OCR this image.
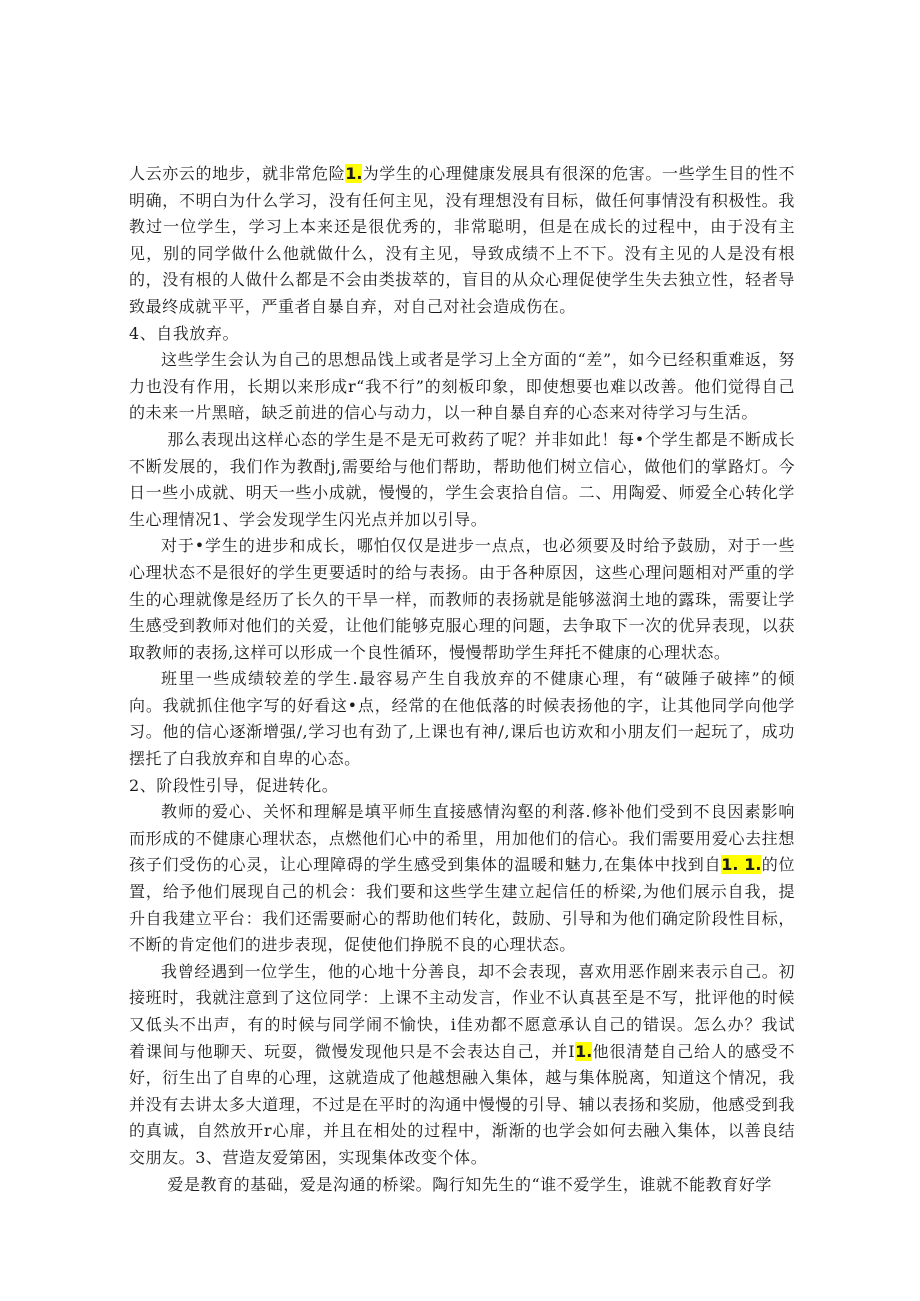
人云亦云的地步，就非常危险1.为学生的心理健康发展具有很深的危害。一些学生目的性不明确，不明白为什么学习，没有任何主见，没有理想没有目标，做任何事情没有积极性。我教过一位学生，学习上本来还是很优秀的，非常聪明，但是在成长的过程中，由于没有主见，别的同学做什么他就做什么，没有主见，导致成绩不上不下。没有主见的人是没有根的，没有根的人做什么都是不会由类拔萃的，盲目的从众心理促使学生失去独立性，轻者导致最终成就平平，严重者自暴自弃，对自己对社会造成伤在。

4、自我放弃。

这些学生会认为自己的思想品饯上或者是学习上全方面的“差”，如今已经积重难返，努力也没有作用，长期以来形成r“我不行”的刻板印象，即使想要也难以改善。他们觉得自己的未来一片黑暗，缺乏前进的信心与动力，以一种自暴自弃的心态来对待学习与生活。

那么表现出这样心态的学生是不是无可救药了呢？并非如此！每•个学生都是不断成长不断发展的，我们作为教酎j,需要给与他们帮助，帮助他们树立信心，做他们的掌路灯。今日一些小成就、明天一些小成就，慢慢的，学生会衷拾自信。二、用陶爱、师爱全心转化学生心理情况1、学会发现学生闪光点并加以引导。

对于•学生的进步和成长，哪怕仅仅是进步一点点，也必须要及时给予鼓励，对于一些心理状态不是很好的学生更要适时的给与表扬。由于各种原因，这些心理问题相对严重的学生的心理就像是经历了长久的干旱一样，而教师的表扬就是能够滋润土地的露珠，需要让学生感受到教师对他们的关爱，让他们能够克服心理的问题，去争取下一次的优异表现，以获取教师的表扬,这样可以形成一个良性循环，慢慢帮助学生拜托不健康的心理状态。

班里一些成绩较差的学生.最容易产生自我放弃的不健康心理，有“破陲子破摔”的倾向。我就抓住他字写的好看这•点，经常的在他低落的时候表扬他的字，让其他同学向他学习。他的信心逐渐增强/,学习也有劲了,上课也有神/,课后也访欢和小朋友们一起玩了，成功摆托了白我放弃和自卑的心态。

2、阶段性引导，促进转化。

教师的爱心、关怀和理解是填平师生直接感情沟壑的利落.修补他们受到不良因素影响而形成的不健康心理状态，点燃他们心中的希里，用加他们的信心。我们需要用爱心去拄想孩子们受伤的心灵，让心理障碍的学生感受到集体的温暖和魅力,在集体中找到自1. 1.的位置，给予他们展现自己的机会：我们要和这些学生建立起信任的桥梁,为他们展示自我，提升自我建立平台：我们还需要耐心的帮助他们转化，鼓励、引导和为他们确定阶段性目标，不断的肯定他们的进步表现，促使他们挣脱不良的心理状态。

我曾经遇到一位学生，他的心地十分善良，却不会表现，喜欢用恶作剧来表示自己。初接班时，我就注意到了这位同学：上课不主动发言，作业不认真甚至是不写，批评他的时候又低头不出声，有的时候与同学闹不愉快，i佳劝都不愿意承认自己的错误。怎么办？我试着课间与他聊天、玩耍，微慢发现他只是不会表达自己，并I1.他很清楚自己给人的感受不好，衍生出了自卑的心理，这就造成了他越想融入集体，越与集体脱离，知道这个情况，我并没有去讲太多大道理，不过是在平时的沟通中慢慢的引导、辅以表扬和奖励，他感受到我的真诚，自然放开r心扉，并且在相处的过程中，渐渐的也学会如何去融入集体，以善良结交朋友。3、营造友爱第困，实现集体改变个体。

爱是教育的基础，爱是沟通的桥梁。陶行知先生的“谁不爱学生，谁就不能教育好学
